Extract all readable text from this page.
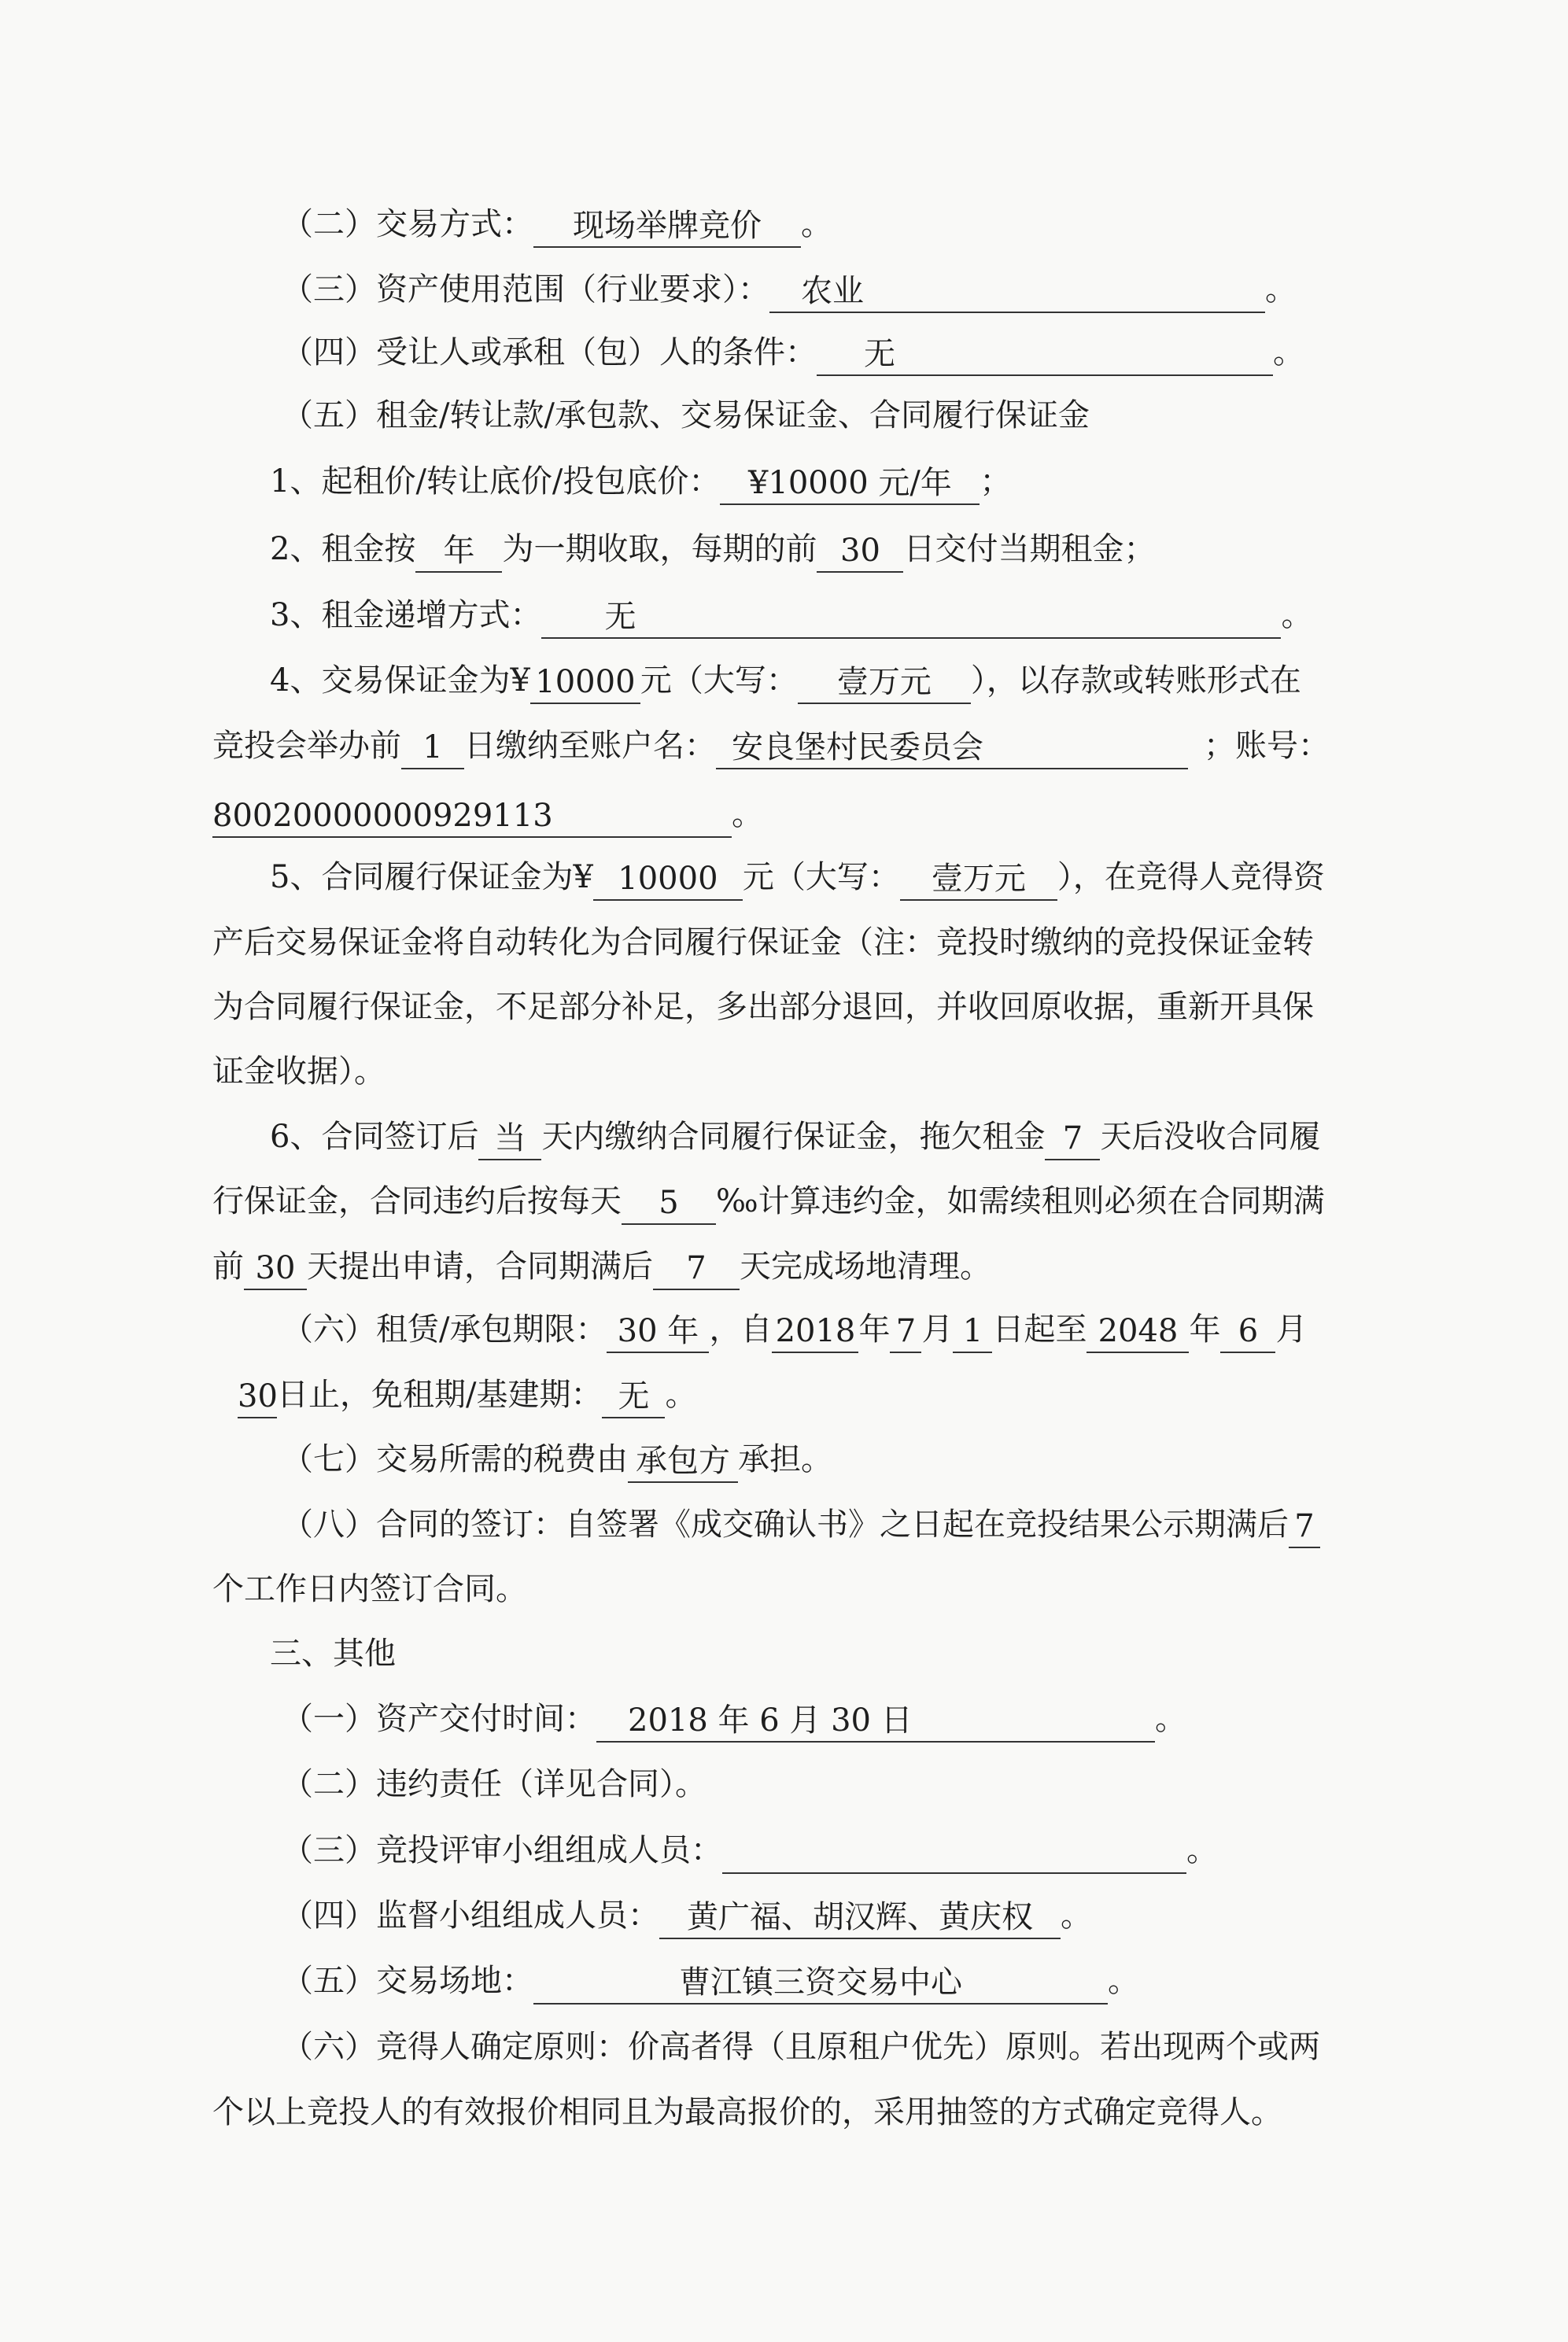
（二）交易方式： 现场举牌竞价 。
（三）资产使用范围（行业要求）： 农业	。
（四）受让人或承租（包）人的条件： 无	。
（五）租金/转让款/承包款、交易保证金、合同履行保证金
1、起租价/转让底价/投包底价： ¥10000 元/年 ；
2、租金按 年 为一期收取，每期的前 30 日交付当期租金；
3、租金递增方式： 无	。
4、交易保证金为¥ 10000 元（大写： 壹万元 ），以存款或转账形式在
竞投会举办前 1 日缴纳至账户名： 安良堡村民委员会	；账号：
80020000000929113	。
5、合同履行保证金为¥ 10000 元（大写： 壹万元 ），在竞得人竞得资
产后交易保证金将自动转化为合同履行保证金（注：竞投时缴纳的竞投保证金转
为合同履行保证金，不足部分补足，多出部分退回，并收回原收据，重新开具保
证金收据）。
6、合同签订后 当 天内缴纳合同履行保证金，拖欠租金 7 天后没收合同履
行保证金，合同违约后按每天 5 ‰计算违约金，如需续租则必须在合同期满
前 30 天提出申请，合同期满后 7 天完成场地清理。
（六）租赁/承包期限： 30 年 ，自 2018 年 7 月 1 日起至 2048 年 6 月
30日止，免租期/基建期： 无 。
（七）交易所需的税费由 承包方 承担。
（八）合同的签订：自签署《成交确认书》之日起在竞投结果公示期满后 7
个工作日内签订合同。
三、其他
（一）资产交付时间： 2018 年 6 月 30 日	。
（二）违约责任（详见合同）。
（三）竞投评审小组组成人员：	。
（四）监督小组组成人员： 黄广福、胡汉辉、黄庆权 。
（五）交易场地：	曹江镇三资交易中心	。
（六）竞得人确定原则：价高者得（且原租户优先）原则。若出现两个或两
个以上竞投人的有效报价相同且为最高报价的，采用抽签的方式确定竞得人。
